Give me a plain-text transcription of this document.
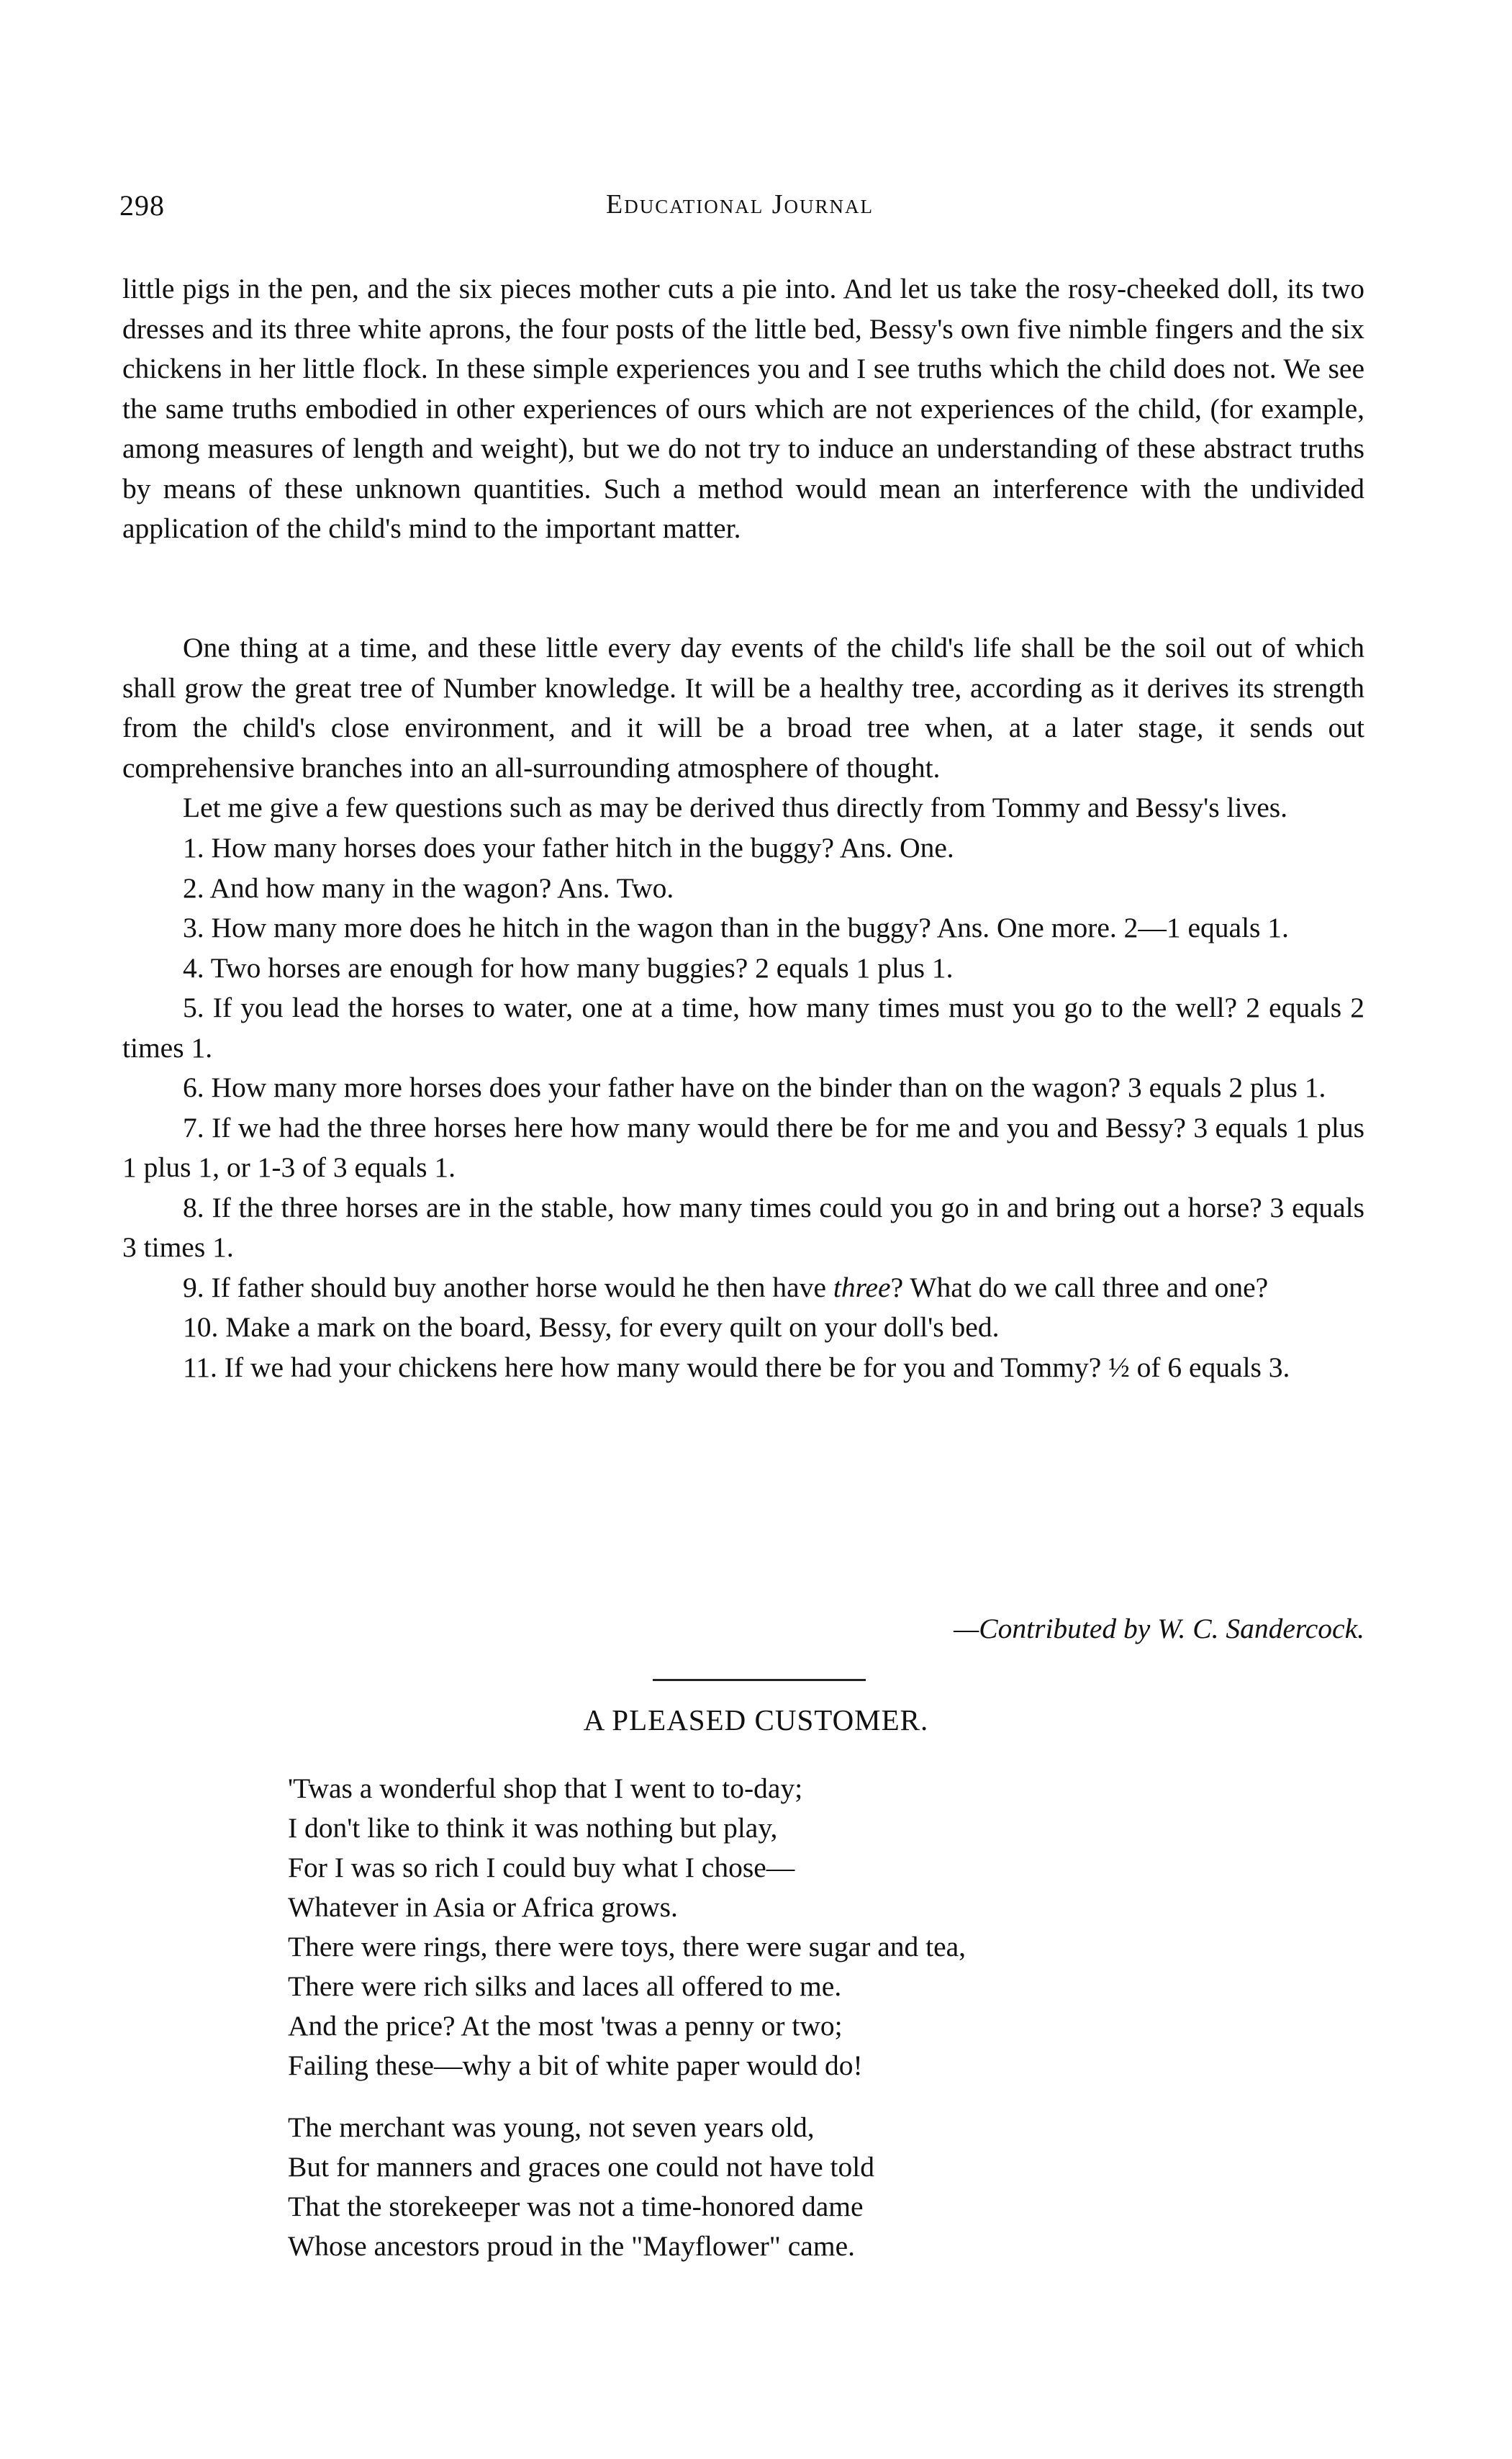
298	Educational Journal

little pigs in the pen, and the six pieces mother cuts a pie into. And let us take the rosy-cheeked doll, its two dresses and its three white aprons, the four posts of the little bed, Bessy's own five nimble fingers and the six chickens in her little flock. In these simple experiences you and I see truths which the child does not. We see the same truths embodied in other experiences of ours which are not experiences of the child, (for example, among measures of length and weight), but we do not try to induce an understanding of these abstract truths by means of these unknown quantities. Such a method would mean an interference with the undivided application of the child's mind to the important matter.

One thing at a time, and these little every day events of the child's life shall be the soil out of which shall grow the great tree of Number knowledge. It will be a healthy tree, according as it derives its strength from the child's close environment, and it will be a broad tree when, at a later stage, it sends out comprehensive branches into an all-surrounding atmosphere of thought.

Let me give a few questions such as may be derived thus directly from Tommy and Bessy's lives.

1. How many horses does your father hitch in the buggy? Ans. One.

2. And how many in the wagon? Ans. Two.

3. How many more does he hitch in the wagon than in the buggy? Ans. One more. 2—1 equals 1.

4. Two horses are enough for how many buggies? 2 equals 1 plus 1.

5. If you lead the horses to water, one at a time, how many times must you go to the well? 2 equals 2 times 1.

6. How many more horses does your father have on the binder than on the wagon? 3 equals 2 plus 1.

7. If we had the three horses here how many would there be for me and you and Bessy? 3 equals 1 plus 1 plus 1, or 1-3 of 3 equals 1.

8. If the three horses are in the stable, how many times could you go in and bring out a horse? 3 equals 3 times 1.

9. If father should buy another horse would he then have three? What do we call three and one?

10. Make a mark on the board, Bessy, for every quilt on your doll's bed.

11. If we had your chickens here how many would there be for you and Tommy? ½ of 6 equals 3.

—Contributed by W. C. Sandercock.

A PLEASED CUSTOMER.
'Twas a wonderful shop that I went to to-day;
I don't like to think it was nothing but play,
For I was so rich I could buy what I chose—
Whatever in Asia or Africa grows.
There were rings, there were toys, there were sugar and tea,
There were rich silks and laces all offered to me.
And the price? At the most 'twas a penny or two;
Failing these—why a bit of white paper would do!
The merchant was young, not seven years old,
But for manners and graces one could not have told
That the storekeeper was not a time-honored dame
Whose ancestors proud in the "Mayflower" came.
